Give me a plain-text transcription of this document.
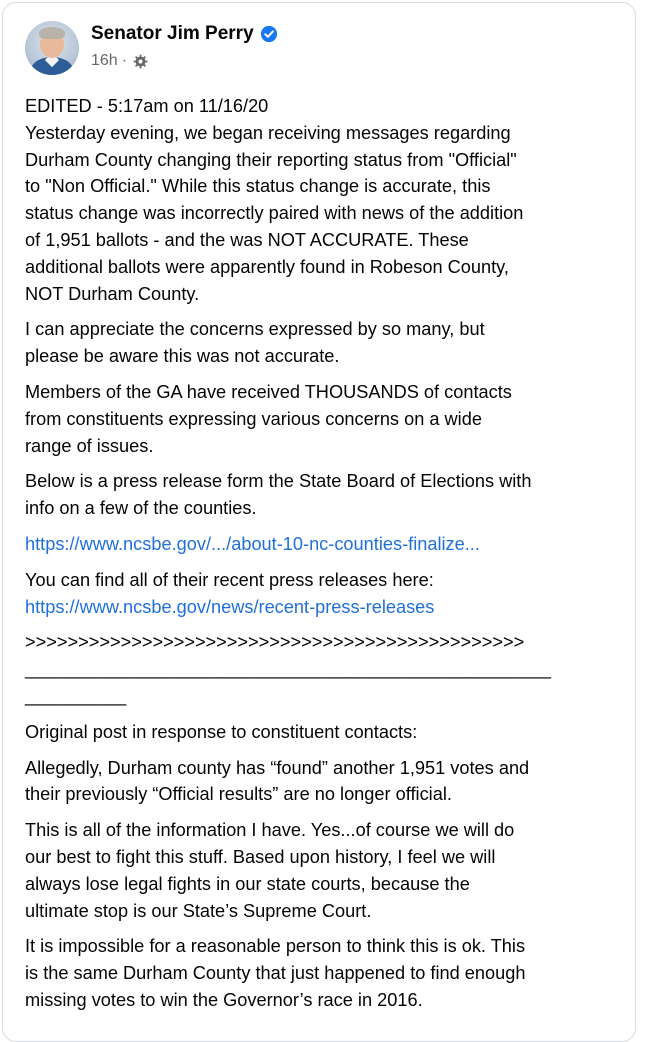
Senator Jim Perry
16h ·

EDITED - 5:17am on 11/16/20
Yesterday evening, we began receiving messages regarding
Durham County changing their reporting status from "Official"
to "Non Official." While this status change is accurate, this
status change was incorrectly paired with news of the addition
of 1,951 ballots - and the was NOT ACCURATE. These
additional ballots were apparently found in Robeson County,
NOT Durham County.

I can appreciate the concerns expressed by so many, but
please be aware this was not accurate.

Members of the GA have received THOUSANDS of contacts
from constituents expressing various concerns on a wide
range of issues.

Below is a press release form the State Board of Elections with
info on a few of the counties.

https://www.ncsbe.gov/.../about-10-nc-counties-finalize...

You can find all of their recent press releases here:
https://www.ncsbe.gov/news/recent-press-releases

>>>>>>>>>>>>>>>>>>>>>>>>>>>>>>>>>>>>>>>>>>>>>>>
____________________________________________________
__________

Original post in response to constituent contacts:

Allegedly, Durham county has “found” another 1,951 votes and
their previously “Official results” are no longer official.

This is all of the information I have. Yes...of course we will do
our best to fight this stuff. Based upon history, I feel we will
always lose legal fights in our state courts, because the
ultimate stop is our State’s Supreme Court.

It is impossible for a reasonable person to think this is ok. This
is the same Durham County that just happened to find enough
missing votes to win the Governor’s race in 2016.
